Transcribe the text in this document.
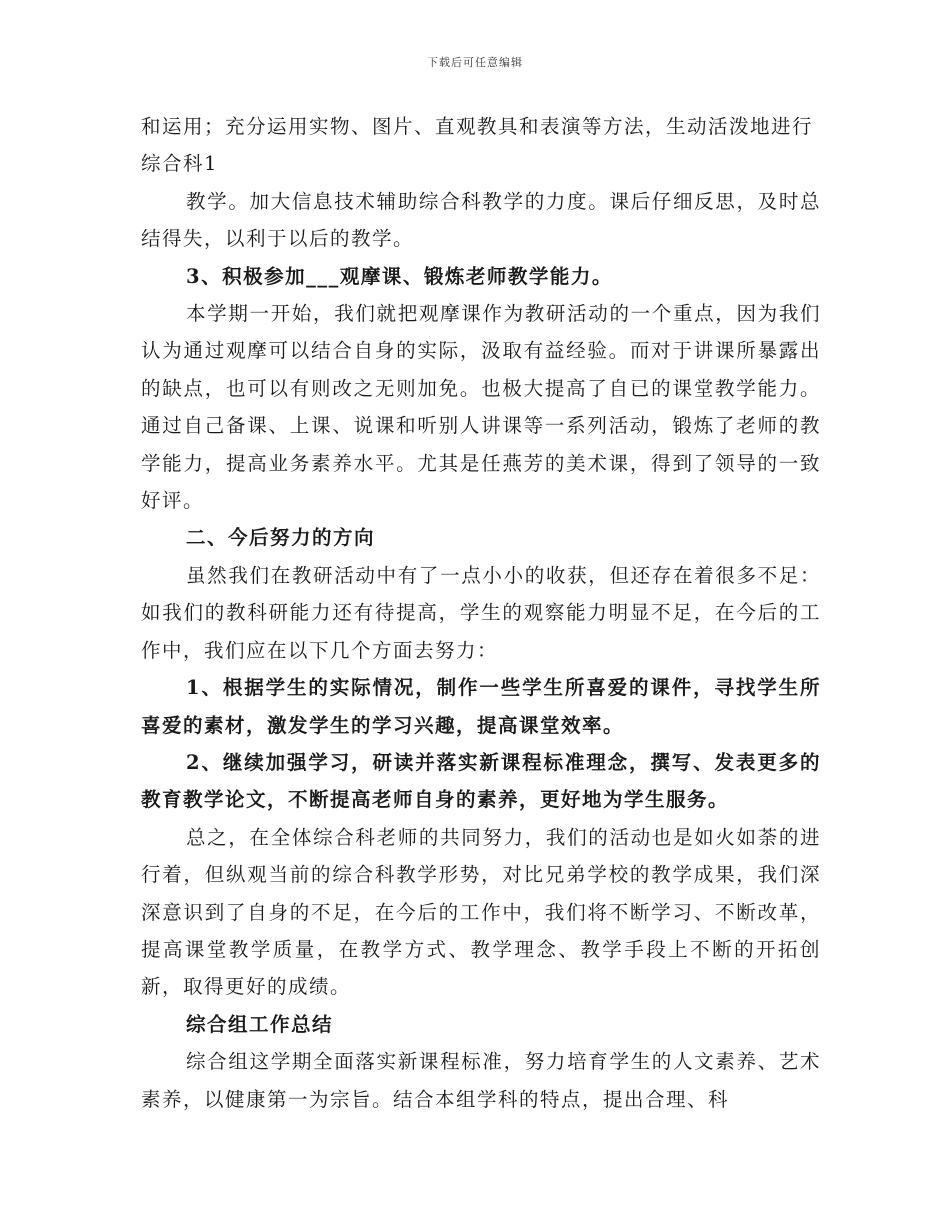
下载后可任意编辑

和运用；充分运用实物、图片、直观教具和表演等方法，生动活泼地进行综合科1

教学。加大信息技术辅助综合科教学的力度。课后仔细反思，及时总结得失，以利于以后的教学。

3、积极参加___观摩课、锻炼老师教学能力。

本学期一开始，我们就把观摩课作为教研活动的一个重点，因为我们认为通过观摩可以结合自身的实际，汲取有益经验。而对于讲课所暴露出的缺点，也可以有则改之无则加免。也极大提高了自已的课堂教学能力。通过自己备课、上课、说课和听别人讲课等一系列活动，锻炼了老师的教学能力，提高业务素养水平。尤其是任燕芳的美术课，得到了领导的一致好评。

二、今后努力的方向

虽然我们在教研活动中有了一点小小的收获，但还存在着很多不足：如我们的教科研能力还有待提高，学生的观察能力明显不足，在今后的工作中，我们应在以下几个方面去努力：

1、根据学生的实际情况，制作一些学生所喜爱的课件，寻找学生所喜爱的素材，激发学生的学习兴趣，提高课堂效率。

2、继续加强学习，研读并落实新课程标准理念，撰写、发表更多的教育教学论文，不断提高老师自身的素养，更好地为学生服务。

总之，在全体综合科老师的共同努力，我们的活动也是如火如荼的进行着，但纵观当前的综合科教学形势，对比兄弟学校的教学成果，我们深深意识到了自身的不足，在今后的工作中，我们将不断学习、不断改革，提高课堂教学质量，在教学方式、教学理念、教学手段上不断的开拓创新，取得更好的成绩。

综合组工作总结

综合组这学期全面落实新课程标准，努力培育学生的人文素养、艺术素养，以健康第一为宗旨。结合本组学科的特点，提出合理、科
